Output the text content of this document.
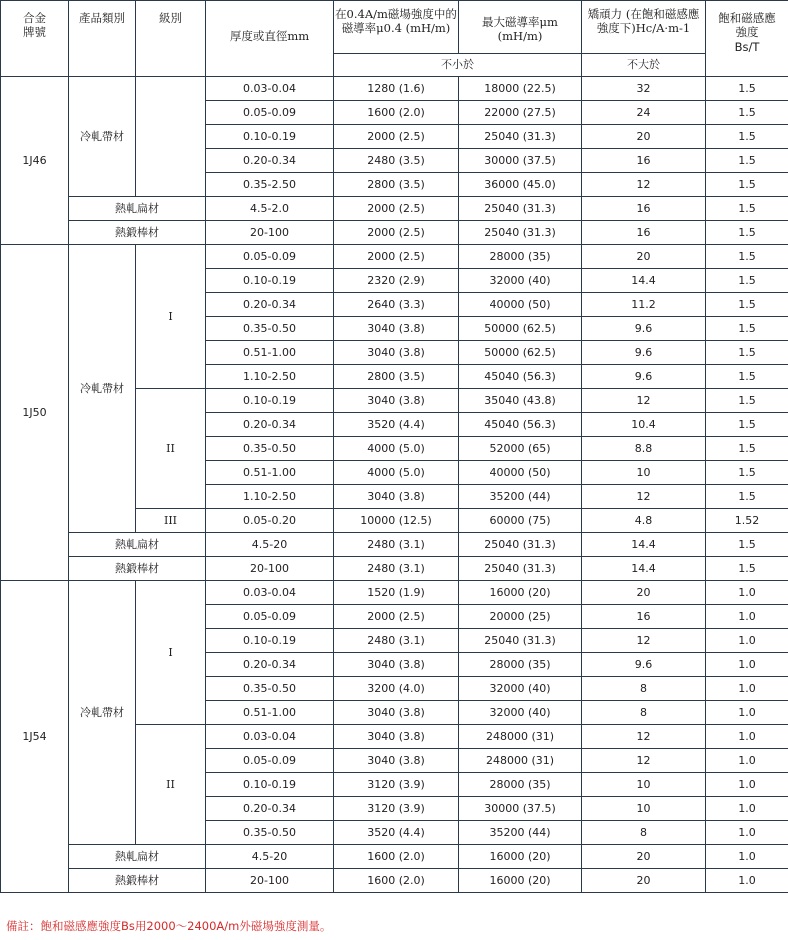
合金
牌號	產品類別	級別	厚度或直徑mm	在0.4A/m磁場強度中的
磁導率μ0.4 (mH/m)	最大磁導率μm (mH/m)	矯頑力 (在飽和磁感應
強度下)Hc/A·m-1	飽和磁感應
強度
Bs/T
				不小於		不大於	
1J46	冷軋帶材		0.03-0.04	1280 (1.6)	18000 (22.5)	32	1.5
			0.05-0.09	1600 (2.0)	22000 (27.5)	24	1.5
			0.10-0.19	2000 (2.5)	25040 (31.3)	20	1.5
			0.20-0.34	2480 (3.5)	30000 (37.5)	16	1.5
			0.35-2.50	2800 (3.5)	36000 (45.0)	12	1.5
	熱軋扁材		4.5-2.0	2000 (2.5)	25040 (31.3)	16	1.5
	熱鍛棒材		20-100	2000 (2.5)	25040 (31.3)	16	1.5
1J50	冷軋帶材	I	0.05-0.09	2000 (2.5)	28000 (35)	20	1.5
			0.10-0.19	2320 (2.9)	32000 (40)	14.4	1.5
			0.20-0.34	2640 (3.3)	40000 (50)	11.2	1.5
			0.35-0.50	3040 (3.8)	50000 (62.5)	9.6	1.5
			0.51-1.00	3040 (3.8)	50000 (62.5)	9.6	1.5
			1.10-2.50	2800 (3.5)	45040 (56.3)	9.6	1.5
		II	0.10-0.19	3040 (3.8)	35040 (43.8)	12	1.5
			0.20-0.34	3520 (4.4)	45040 (56.3)	10.4	1.5
			0.35-0.50	4000 (5.0)	52000 (65)	8.8	1.5
			0.51-1.00	4000 (5.0)	40000 (50)	10	1.5
			1.10-2.50	3040 (3.8)	35200 (44)	12	1.5
		III	0.05-0.20	10000 (12.5)	60000 (75)	4.8	1.52
	熱軋扁材		4.5-20	2480 (3.1)	25040 (31.3)	14.4	1.5
	熱鍛棒材		20-100	2480 (3.1)	25040 (31.3)	14.4	1.5
1J54	冷軋帶材	I	0.03-0.04	1520 (1.9)	16000 (20)	20	1.0
			0.05-0.09	2000 (2.5)	20000 (25)	16	1.0
			0.10-0.19	2480 (3.1)	25040 (31.3)	12	1.0
			0.20-0.34	3040 (3.8)	28000 (35)	9.6	1.0
			0.35-0.50	3200 (4.0)	32000 (40)	8	1.0
			0.51-1.00	3040 (3.8)	32000 (40)	8	1.0
		II	0.03-0.04	3040 (3.8)	248000 (31)	12	1.0
			0.05-0.09	3040 (3.8)	248000 (31)	12	1.0
			0.10-0.19	3120 (3.9)	28000 (35)	10	1.0
			0.20-0.34	3120 (3.9)	30000 (37.5)	10	1.0
			0.35-0.50	3520 (4.4)	35200 (44)	8	1.0
	熱軋扁材		4.5-20	1600 (2.0)	16000 (20)	20	1.0
	熱鍛棒材		20-100	1600 (2.0)	16000 (20)	20	1.0
備註：飽和磁感應強度Bs用2000～2400A/m外磁場強度測量。
